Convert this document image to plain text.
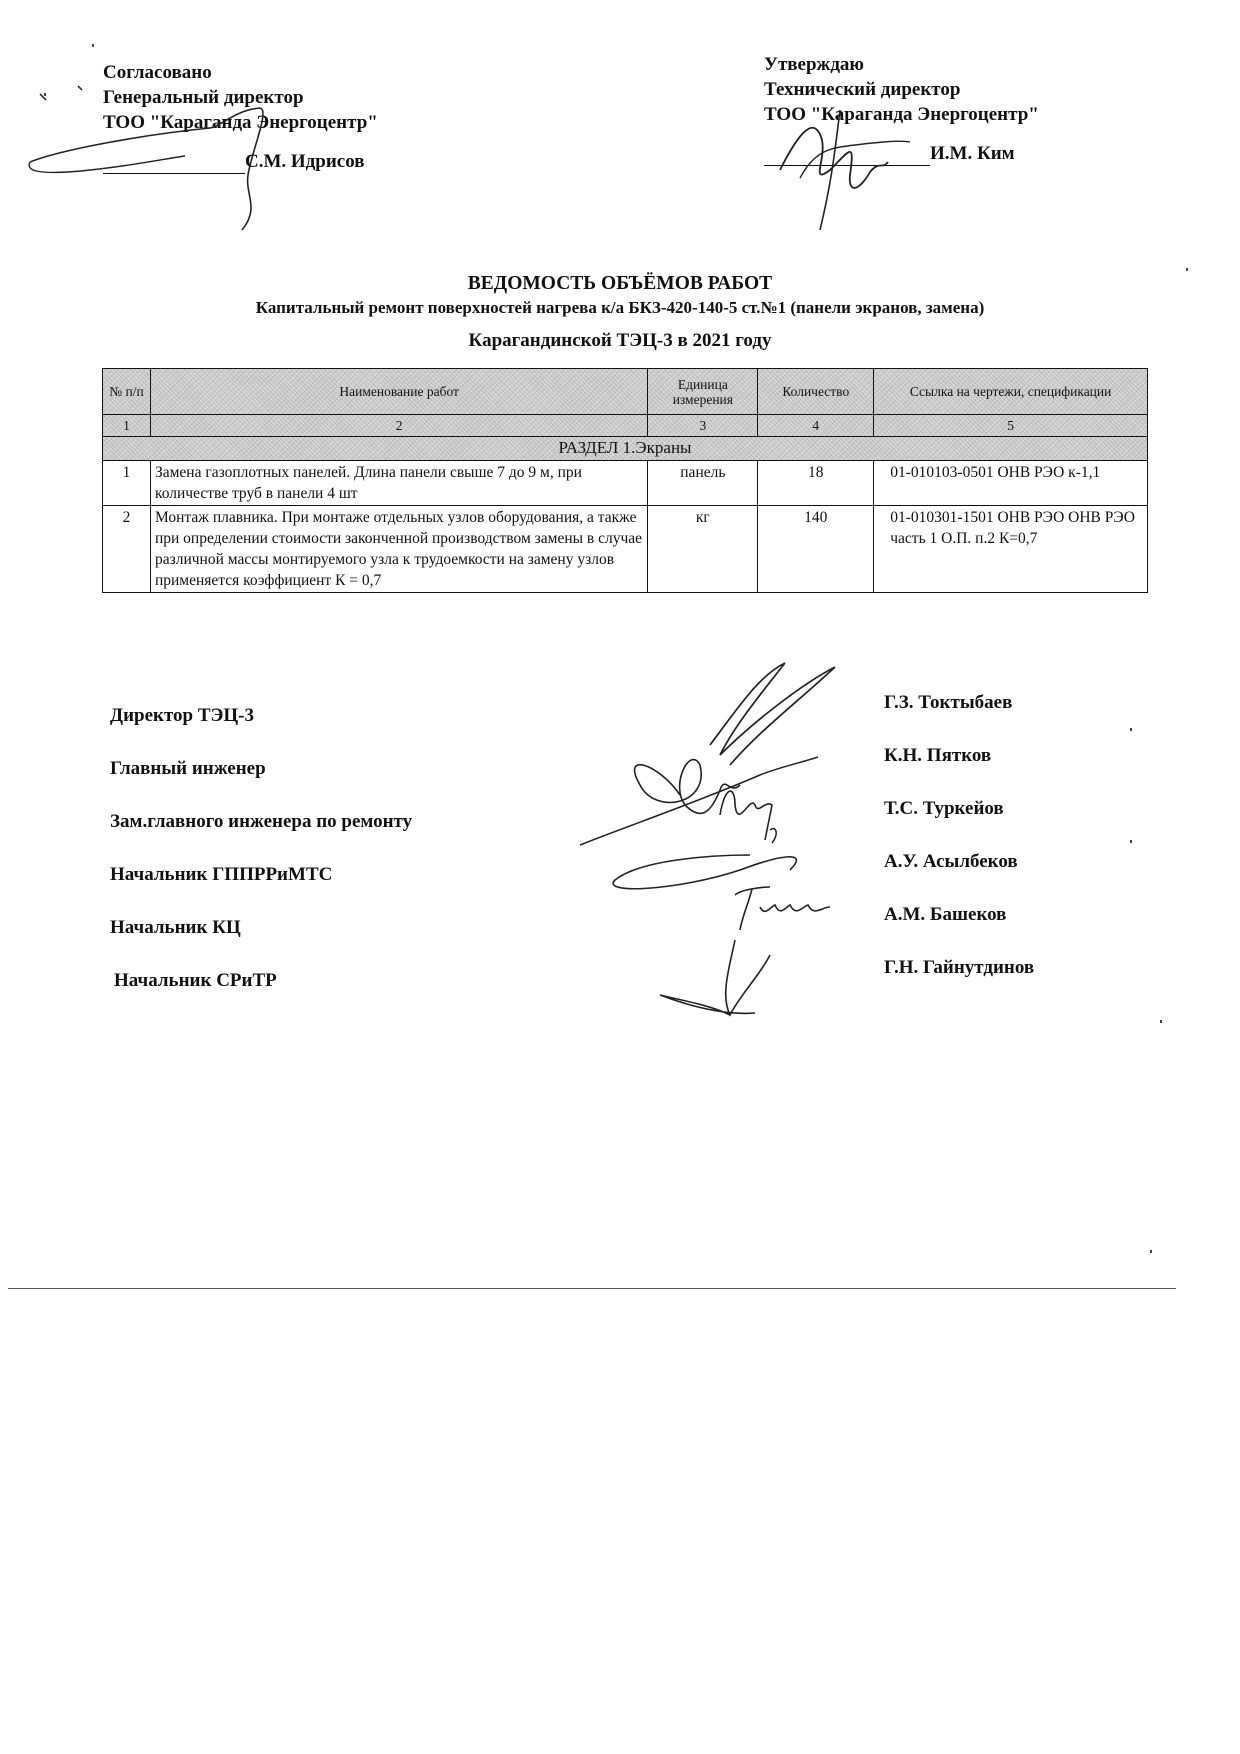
Согласовано
Генеральный директор
ТОО "Караганда Энергоцентр"
С.М. Идрисов
Утверждаю
Технический директор
ТОО "Караганда Энергоцентр"
И.М. Ким
ВЕДОМОСТЬ ОБЪЁМОВ РАБОТ
Капитальный ремонт поверхностей нагрева к/а БКЗ-420-140-5 ст.№1 (панели экранов, замена)
Карагандинской ТЭЦ-3 в 2021 году
№ п/п	Наименование работ	Единица измерения	Количество	Ссылка на чертежи, спецификации
1	2	3	4	5
РАЗДЕЛ 1.Экраны				
1	Замена газоплотных панелей. Длина панели свыше 7 до 9 м, при количестве труб в панели 4 шт	панель	18	01-010103-0501 ОНВ РЭО к-1,1
2	Монтаж плавника. При монтаже отдельных узлов оборудования, а также при определении стоимости законченной производством замены в случае различной массы монтируемого узла к трудоемкости на замену узлов применяется коэффициент К = 0,7	кг	140	01-010301-1501 ОНВ РЭО ОНВ РЭО часть 1 О.П. п.2 К=0,7
Директор ТЭЦ-3
Главный инженер
Зам.главного инженера по ремонту
Начальник ГППРРиМТС
Начальник КЦ
Начальник СРиТР
Г.З. Токтыбаев
К.Н. Пятков
Т.С. Туркейов
А.У. Асылбеков
А.М. Башеков
Г.Н. Гайнутдинов
